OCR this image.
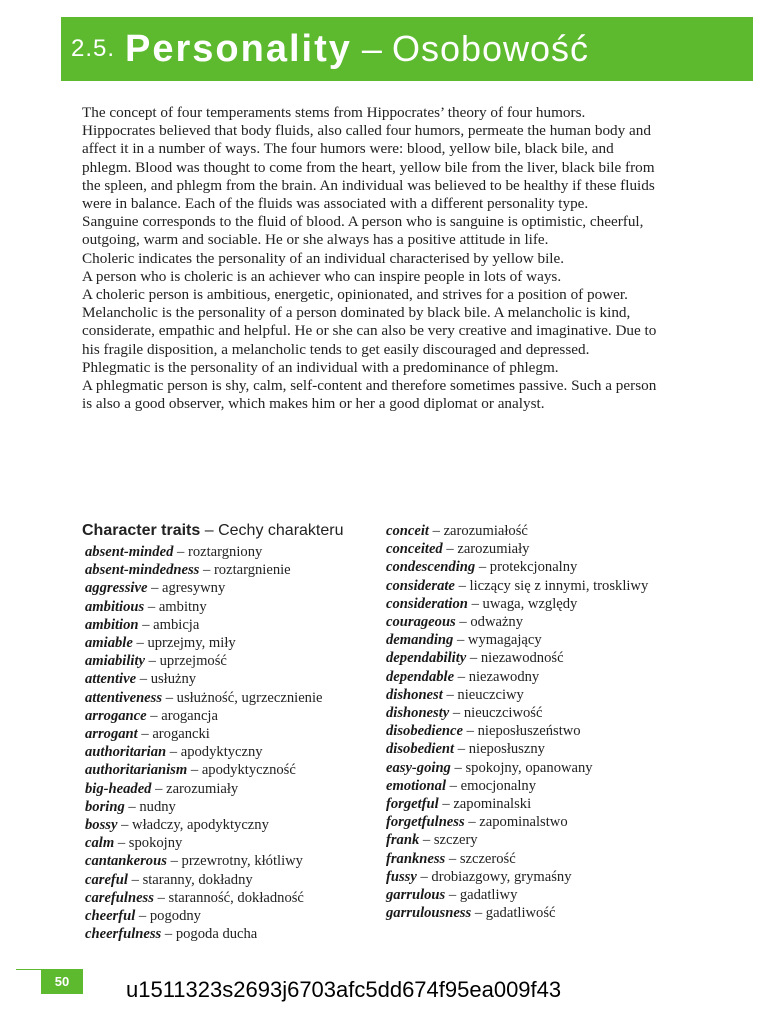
2.5. Personality – Osobowość

The concept of four temperaments stems from Hippocrates’ theory of four humors. Hippocrates believed that body fluids, also called four humors, permeate the human body and affect it in a number of ways. The four humors were: blood, yellow bile, black bile, and phlegm. Blood was thought to come from the heart, yellow bile from the liver, black bile from the spleen, and phlegm from the brain. An individual was believed to be healthy if these fluids were in balance. Each of the fluids was associated with a different personality type.

Sanguine corresponds to the fluid of blood. A person who is sanguine is optimistic, cheerful, outgoing, warm and sociable. He or she always has a positive attitude in life.

Choleric indicates the personality of an individual characterised by yellow bile.

A person who is choleric is an achiever who can inspire people in lots of ways.

A choleric person is ambitious, energetic, opinionated, and strives for a position of power.

Melancholic is the personality of a person dominated by black bile. A melancholic is kind, considerate, empathic and helpful. He or she can also be very creative and imaginative. Due to his fragile disposition, a melancholic tends to get easily discouraged and depressed.

Phlegmatic is the personality of an individual with a predominance of phlegm.

A phlegmatic person is shy, calm, self-content and therefore sometimes passive. Such a person is also a good observer, which makes him or her a good diplomat or analyst.

Character traits – Cechy charakteru
absent-minded – roztargniony
absent-mindedness – roztargnienie
aggressive – agresywny
ambitious – ambitny
ambition – ambicja
amiable – uprzejmy, miły
amiability – uprzejmość
attentive – usłużny
attentiveness – usłużność, ugrzecznienie
arrogance – arogancja
arrogant – arogancki
authoritarian – apodyktyczny
authoritarianism – apodyktyczność
big-headed – zarozumiały
boring – nudny
bossy – władczy, apodyktyczny
calm – spokojny
cantankerous – przewrotny, kłótliwy
careful – staranny, dokładny
carefulness – staranność, dokładność
cheerful – pogodny
cheerfulness – pogoda ducha
conceit – zarozumiałość
conceited – zarozumiały
condescending – protekcjonalny
considerate – liczący się z innymi, troskliwy
consideration – uwaga, względy
courageous – odważny
demanding – wymagający
dependability – niezawodność
dependable – niezawodny
dishonest – nieuczciwy
dishonesty – nieuczciwość
disobedience – nieposłuszeństwo
disobedient – nieposłuszny
easy-going – spokojny, opanowany
emotional – emocjonalny
forgetful – zapominalski
forgetfulness – zapominalstwo
frank – szczery
frankness – szczerość
fussy – drobiazgowy, grymaśny
garrulous – gadatliwy
garrulousness – gadatliwość
50	u1511323s2693j6703afc5dd674f95ea009f43
